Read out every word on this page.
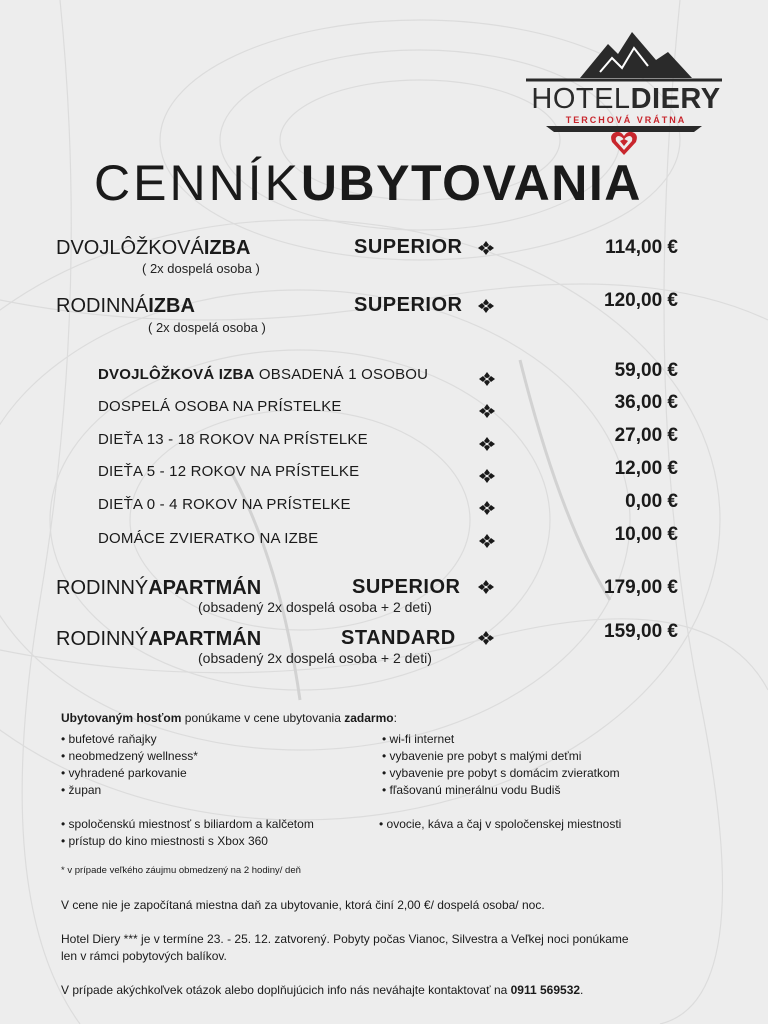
HOTELDIERY
TERCHOVÁ VRÁTNA
CENNÍKUBYTOVANIA
DVOJLÔŽKOVÁIZBA
( 2x dospelá osoba )
SUPERIOR	114,00 €
RODINNÁIZBA
( 2x dospelá osoba )
SUPERIOR	120,00 €
DVOJLÔŽKOVÁ IZBA OBSADENÁ 1 OSOBOU	59,00 €
DOSPELÁ OSOBA NA PRÍSTELKE	36,00 €
DIEŤA 13 - 18 ROKOV NA PRÍSTELKE	27,00 €
DIEŤA 5 - 12 ROKOV NA PRÍSTELKE	12,00 €
DIEŤA 0 - 4 ROKOV NA PRÍSTELKE	0,00 €
DOMÁCE ZVIERATKO NA IZBE	10,00 €
RODINNÝAPARTMÁN	SUPERIOR	179,00 €
(obsadený 2x dospelá osoba + 2 deti)
RODINNÝAPARTMÁN	STANDARD	159,00 €
(obsadený 2x dospelá osoba + 2 deti)
Ubytovaným hosťom ponúkame v cene ubytovania zadarmo:
• bufetové raňajky
• neobmedzený wellness*
• vyhradené parkovanie
• župan
• wi-fi internet
• vybavenie pre pobyt s malými deťmi
• vybavenie pre pobyt s domácim zvieratkom
• fľašovanú minerálnu vodu Budiš
• spoločenskú miestnosť s biliardom a kalčetom
• prístup do kino miestnosti s Xbox 360
• ovocie, káva a čaj v spoločenskej miestnosti
* v prípade veľkého záujmu obmedzený na 2 hodiny/ deň
V cene nie je započítaná miestna daň za ubytovanie, ktorá činí 2,00 €/ dospelá osoba/ noc.
Hotel Diery *** je v termíne 23. - 25. 12. zatvorený. Pobyty počas Vianoc, Silvestra a Veľkej noci ponúkame
len v rámci pobytových balíkov.
V prípade akýchkoľvek otázok alebo doplňujúcich info nás neváhajte kontaktovať na 0911 569532.
